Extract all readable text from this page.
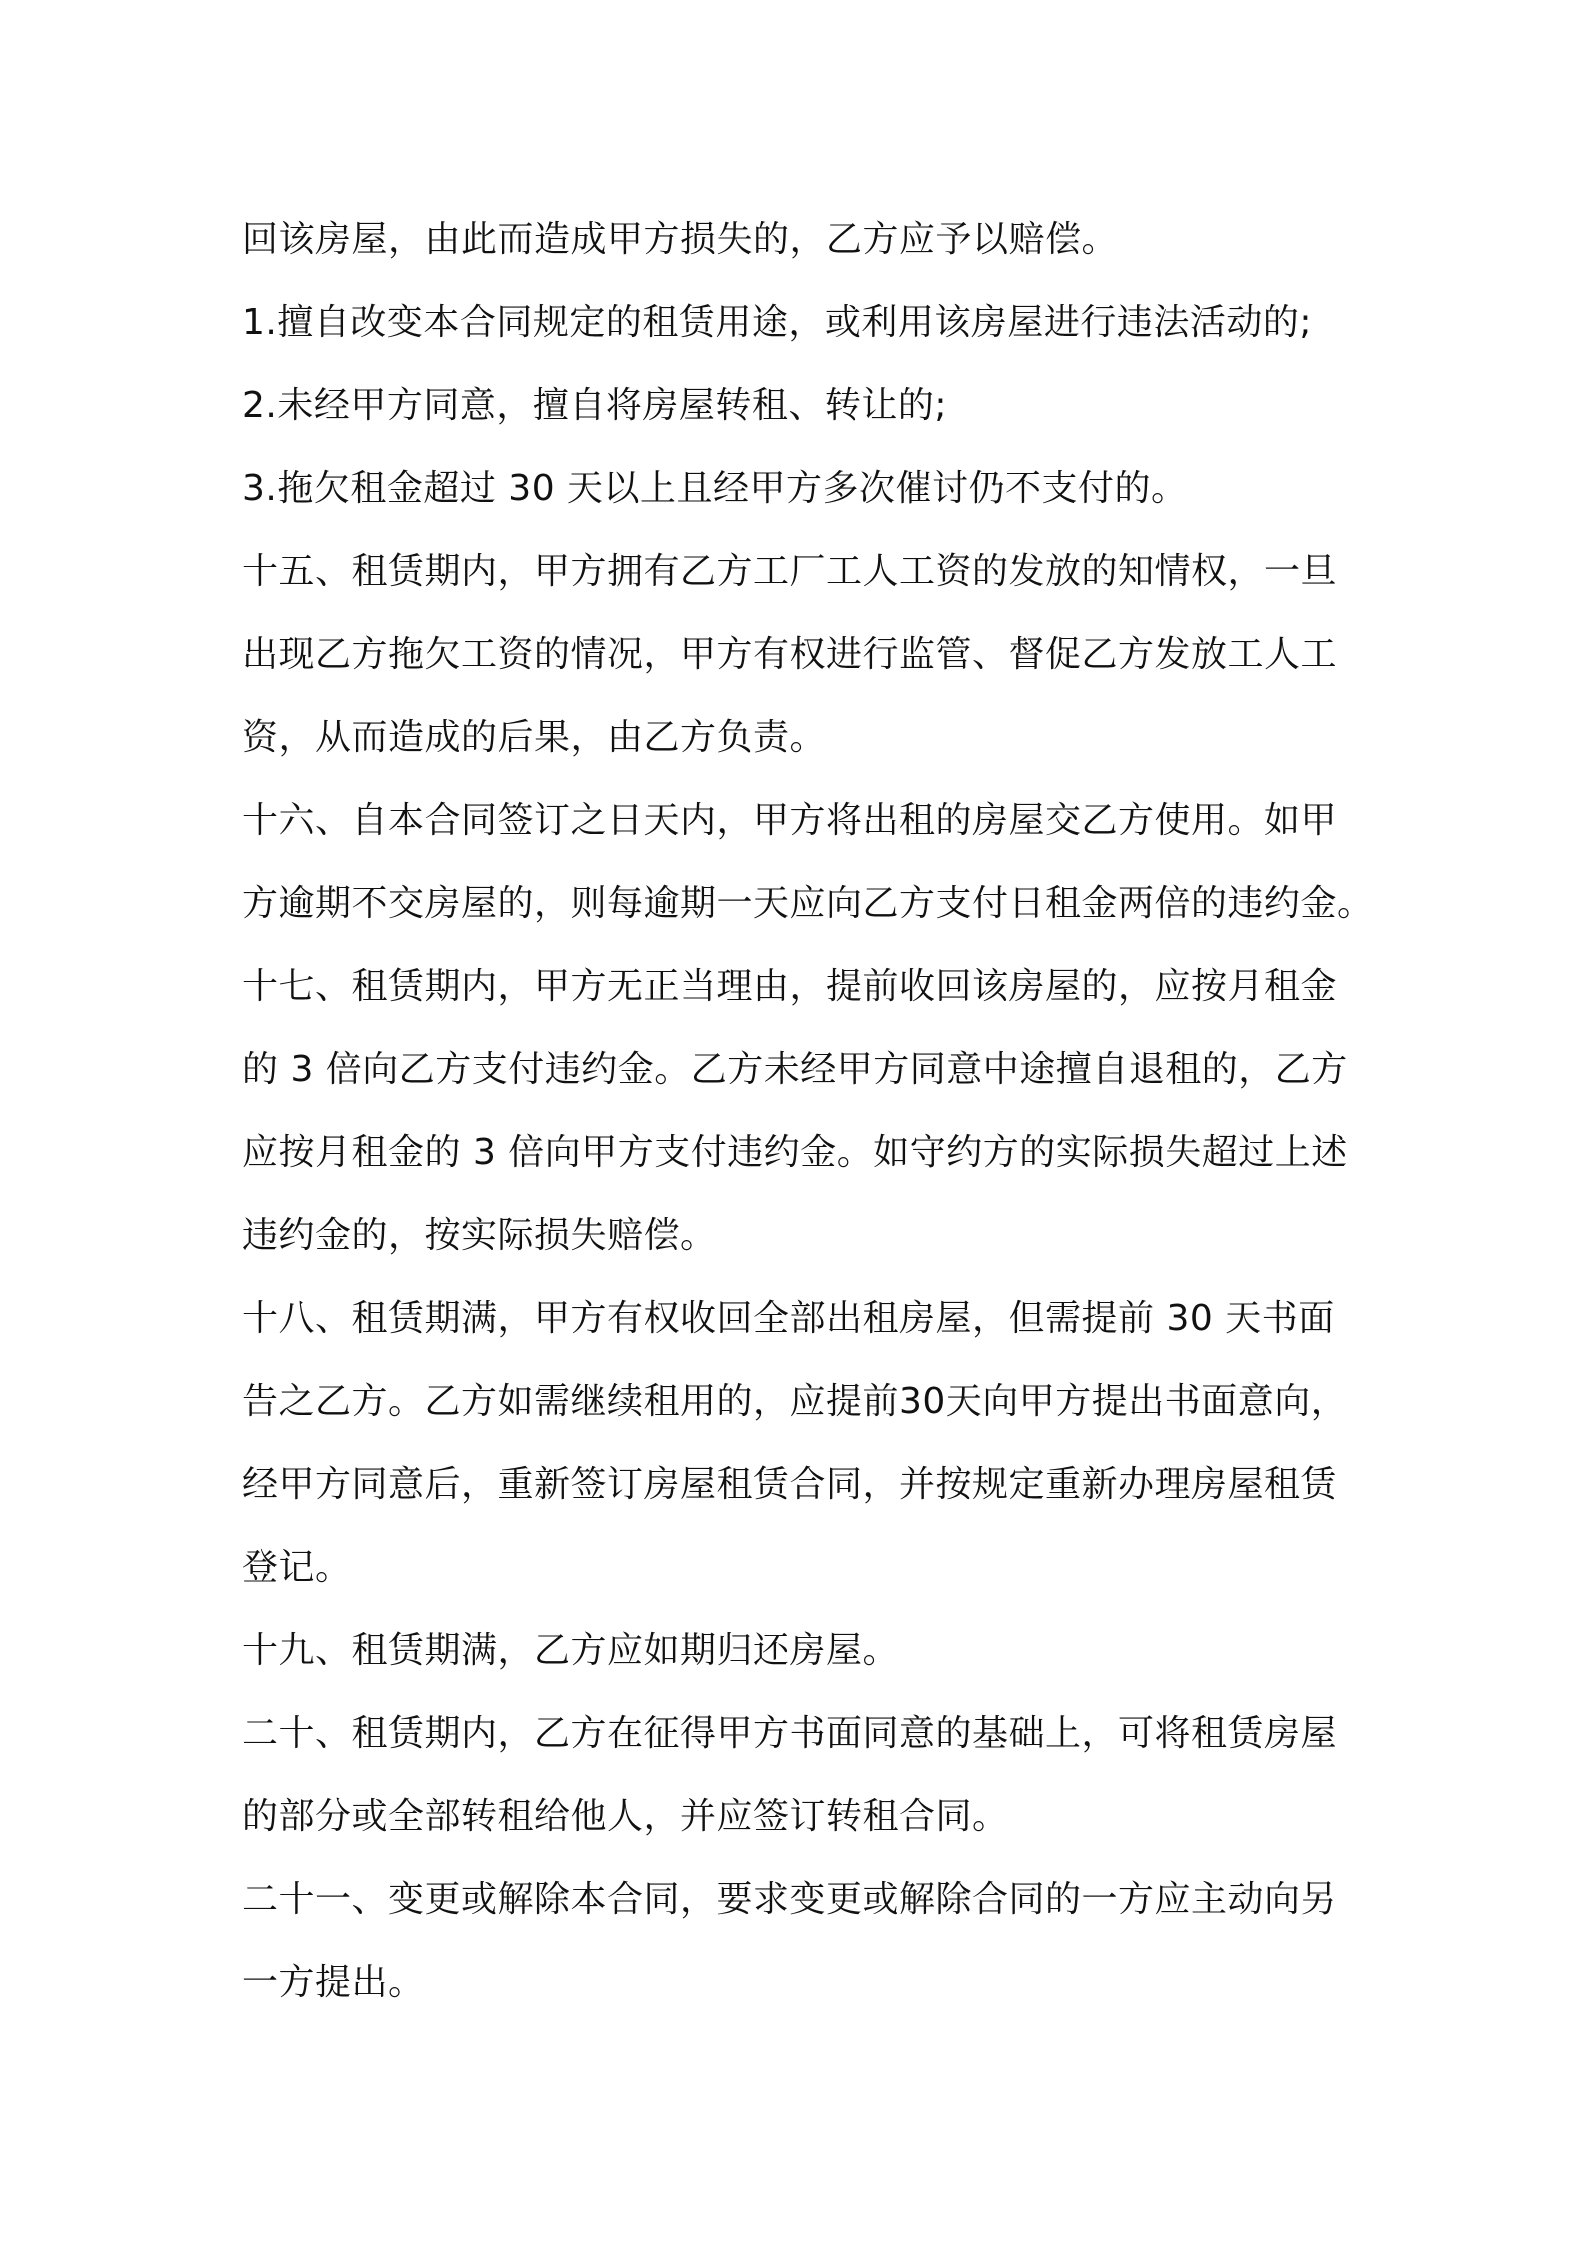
回该房屋，由此而造成甲方损失的，乙方应予以赔偿。
1.擅自改变本合同规定的租赁用途，或利用该房屋进行违法活动的;
2.未经甲方同意，擅自将房屋转租、转让的;
3.拖欠租金超过 30 天以上且经甲方多次催讨仍不支付的。
十五、租赁期内，甲方拥有乙方工厂工人工资的发放的知情权，一旦
出现乙方拖欠工资的情况，甲方有权进行监管、督促乙方发放工人工
资，从而造成的后果，由乙方负责。
十六、自本合同签订之日天内，甲方将出租的房屋交乙方使用。如甲
方逾期不交房屋的，则每逾期一天应向乙方支付日租金两倍的违约金。
十七、租赁期内，甲方无正当理由，提前收回该房屋的，应按月租金
的 3 倍向乙方支付违约金。乙方未经甲方同意中途擅自退租的，乙方
应按月租金的 3 倍向甲方支付违约金。如守约方的实际损失超过上述
违约金的，按实际损失赔偿。
十八、租赁期满，甲方有权收回全部出租房屋，但需提前 30 天书面
告之乙方。乙方如需继续租用的，应提前30天向甲方提出书面意向，
经甲方同意后，重新签订房屋租赁合同，并按规定重新办理房屋租赁
登记。
十九、租赁期满，乙方应如期归还房屋。
二十、租赁期内，乙方在征得甲方书面同意的基础上，可将租赁房屋
的部分或全部转租给他人，并应签订转租合同。
二十一、变更或解除本合同，要求变更或解除合同的一方应主动向另
一方提出。
